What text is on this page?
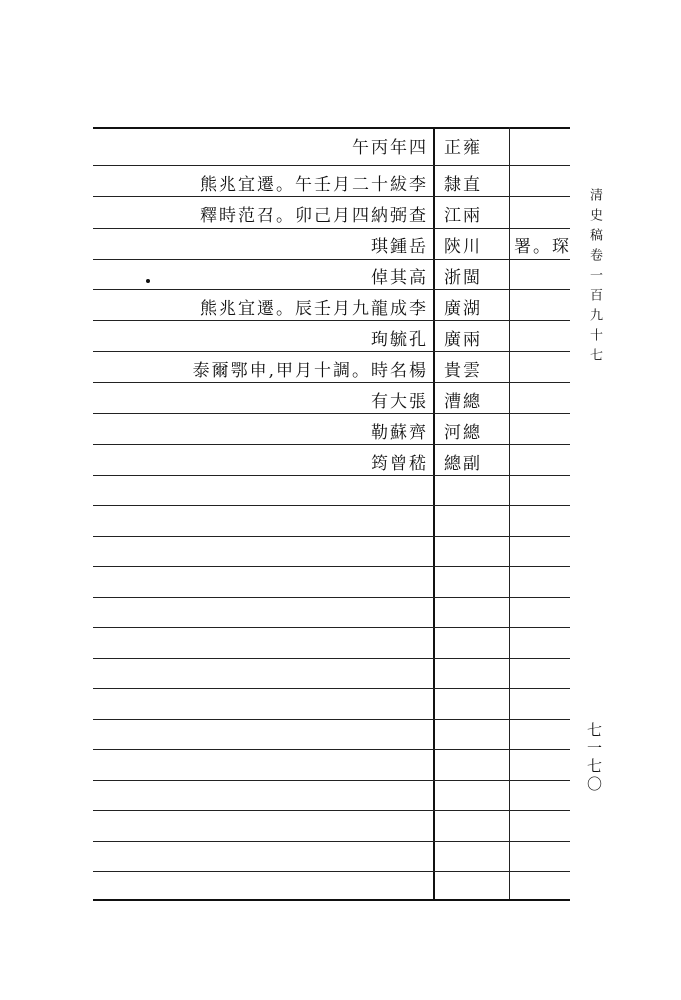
午丙年四 正雍
熊兆宜遷。午壬月二十紱李 隸直
釋時范召。卯己月四納弼查 江兩
琪鍾岳 陝川	署。琛
倬其高 浙閩
熊兆宜遷。辰壬月九龍成李 廣湖
珣毓孔 廣兩
泰爾鄂申,甲月十調。時名楊 貴雲
有大張 漕總
勒蘇齊 河總
筠曾嵇 總副
清史稿卷一百九十七
七一七〇
